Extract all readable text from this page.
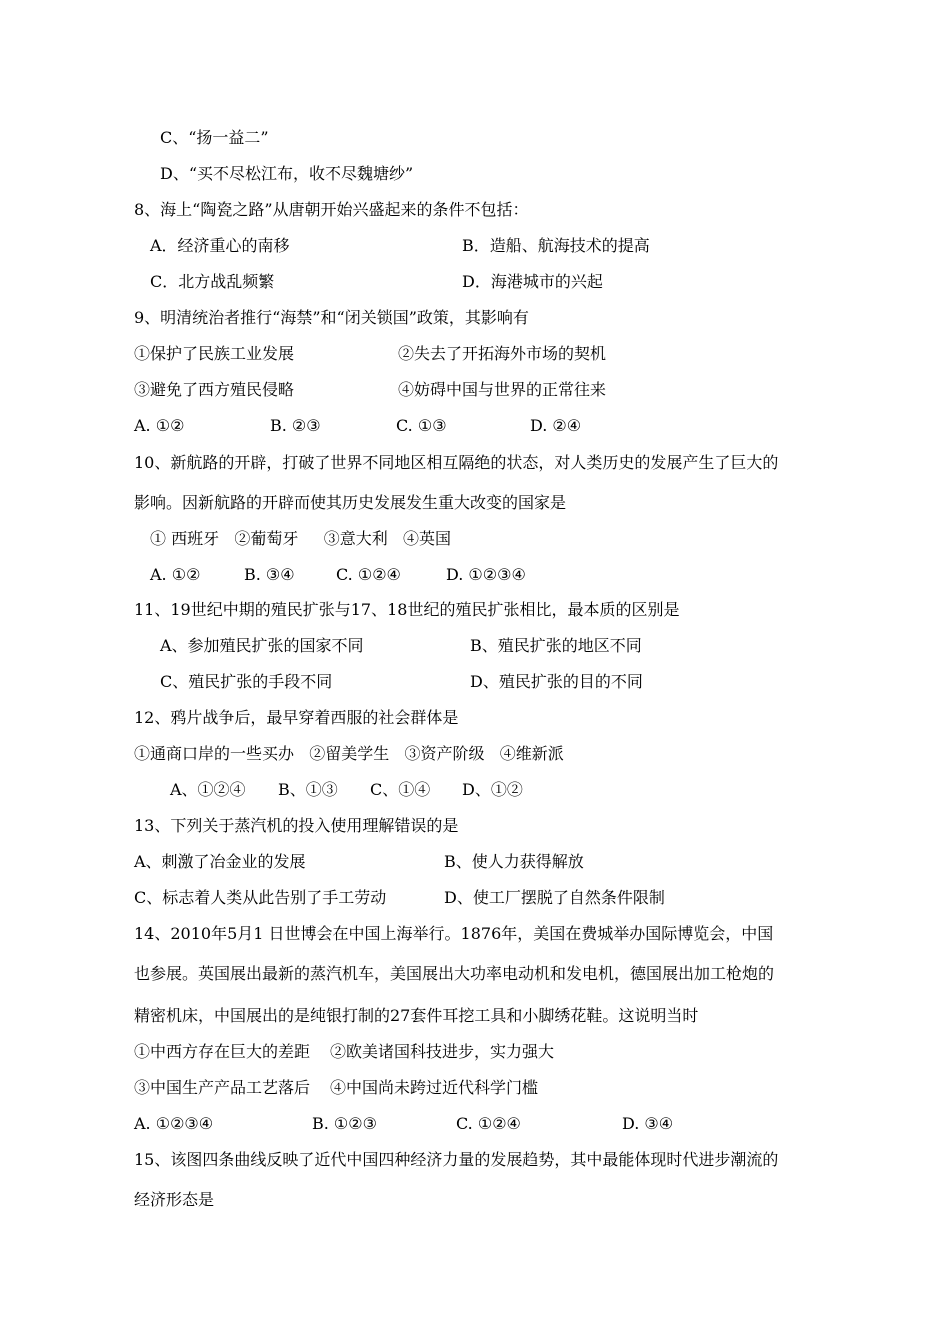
C、“扬一益二”
D、“买不尽松江布，收不尽魏塘纱”
8、海上“陶瓷之路”从唐朝开始兴盛起来的条件不包括：
A．经济重心的南移	B．造船、航海技术的提高
C．北方战乱频繁	D．海港城市的兴起
9、明清统治者推行“海禁”和“闭关锁国”政策，其影响有
①保护了民族工业发展	②失去了开拓海外市场的契机
③避免了西方殖民侵略	④妨碍中国与世界的正常往来
A. ①②	B. ②③	C. ①③	D. ②④
10、新航路的开辟，打破了世界不同地区相互隔绝的状态，对人类历史的发展产生了巨大的
影响。因新航路的开辟而使其历史发展发生重大改变的国家是
① 西班牙   ②葡萄牙     ③意大利   ④英国
A. ①②	B. ③④	C. ①②④	D. ①②③④
11、19世纪中期的殖民扩张与17、18世纪的殖民扩张相比，最本质的区别是
A、参加殖民扩张的国家不同	B、殖民扩张的地区不同
C、殖民扩张的手段不同	D、殖民扩张的目的不同
12、鸦片战争后，最早穿着西服的社会群体是
①通商口岸的一些买办   ②留美学生   ③资产阶级   ④维新派
A、①②④ B、①③ C、①④ D、①②
13、下列关于蒸汽机的投入使用理解错误的是
A、刺激了冶金业的发展	B、使人力获得解放
C、标志着人类从此告别了手工劳动	D、使工厂摆脱了自然条件限制
14、2010年5月1 日世博会在中国上海举行。1876年，美国在费城举办国际博览会，中国
也参展。英国展出最新的蒸汽机车，美国展出大功率电动机和发电机，德国展出加工枪炮的
精密机床，中国展出的是纯银打制的27套件耳挖工具和小脚绣花鞋。这说明当时
①中西方存在巨大的差距 ②欧美诸国科技进步，实力强大
③中国生产产品工艺落后 ④中国尚未跨过近代科学门槛
A. ①②③④	B. ①②③	C. ①②④	D. ③④
15、该图四条曲线反映了近代中国四种经济力量的发展趋势，其中最能体现时代进步潮流的
经济形态是
